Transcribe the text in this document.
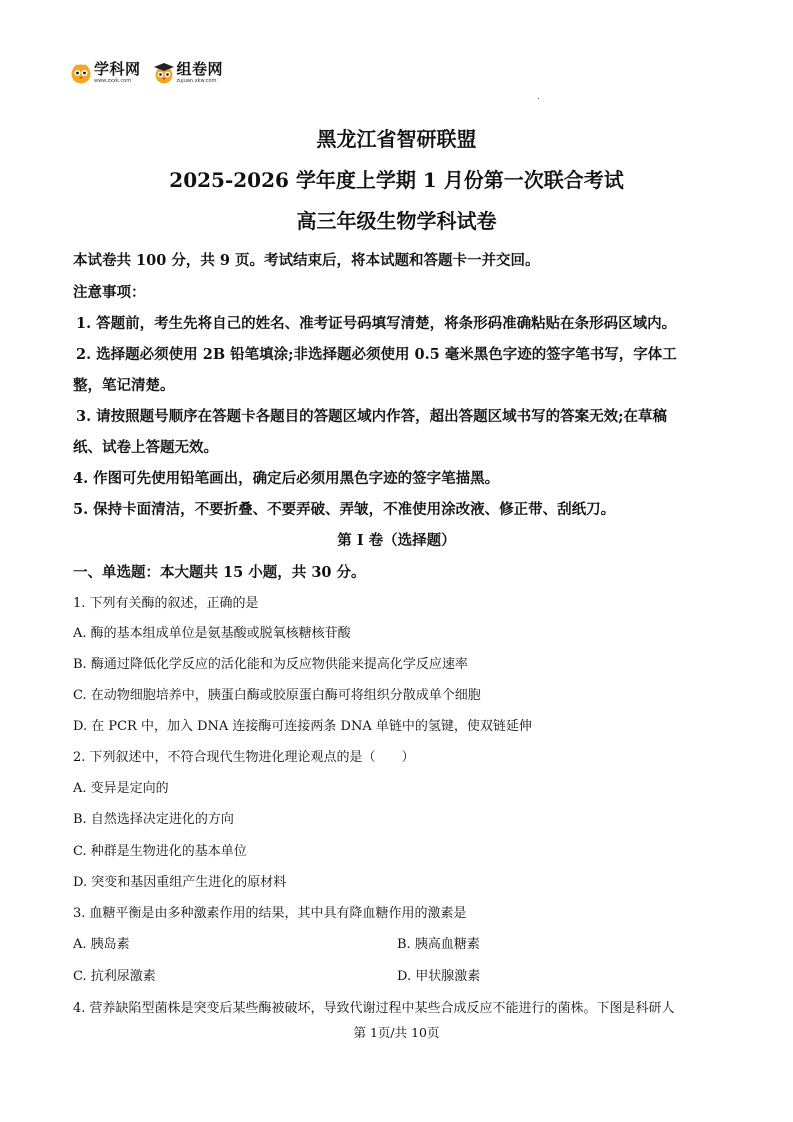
学科网
www.zxxk.com
组卷网
zujuan.xkw.com
黑龙江省智研联盟
2025-2026 学年度上学期 1 月份第一次联合考试
高三年级生物学科试卷
本试卷共 100 分，共 9 页。考试结束后，将本试题和答题卡一并交回。
注意事项：
1. 答题前，考生先将自己的姓名、准考证号码填写清楚，将条形码准确粘贴在条形码区域内。
2. 选择题必须使用 2B 铅笔填涂;非选择题必须使用 0.5 毫米黑色字迹的签字笔书写，字体工
整，笔记清楚。
3. 请按照题号顺序在答题卡各题目的答题区域内作答，超出答题区域书写的答案无效;在草稿
纸、试卷上答题无效。
4. 作图可先使用铅笔画出，确定后必须用黑色字迹的签字笔描黑。
5. 保持卡面清洁，不要折叠、不要弄破、弄皱，不准使用涂改液、修正带、刮纸刀。
第 I 卷（选择题）
一、单选题：本大题共 15 小题，共 30 分。
1. 下列有关酶的叙述，正确的是
A. 酶的基本组成单位是氨基酸或脱氧核糖核苷酸
B. 酶通过降低化学反应的活化能和为反应物供能来提高化学反应速率
C. 在动物细胞培养中，胰蛋白酶或胶原蛋白酶可将组织分散成单个细胞
D. 在 PCR 中，加入 DNA 连接酶可连接两条 DNA 单链中的氢键，使双链延伸
2. 下列叙述中，不符合现代生物进化理论观点的是（　　）
A. 变异是定向的
B. 自然选择决定进化的方向
C. 种群是生物进化的基本单位
D. 突变和基因重组产生进化的原材料
3. 血糖平衡是由多种激素作用的结果，其中具有降血糖作用的激素是
A. 胰岛素	B. 胰高血糖素
C. 抗利尿激素	D. 甲状腺激素
4. 营养缺陷型菌株是突变后某些酶被破坏，导致代谢过程中某些合成反应不能进行的菌株。下图是科研人
第 1页/共 10页
